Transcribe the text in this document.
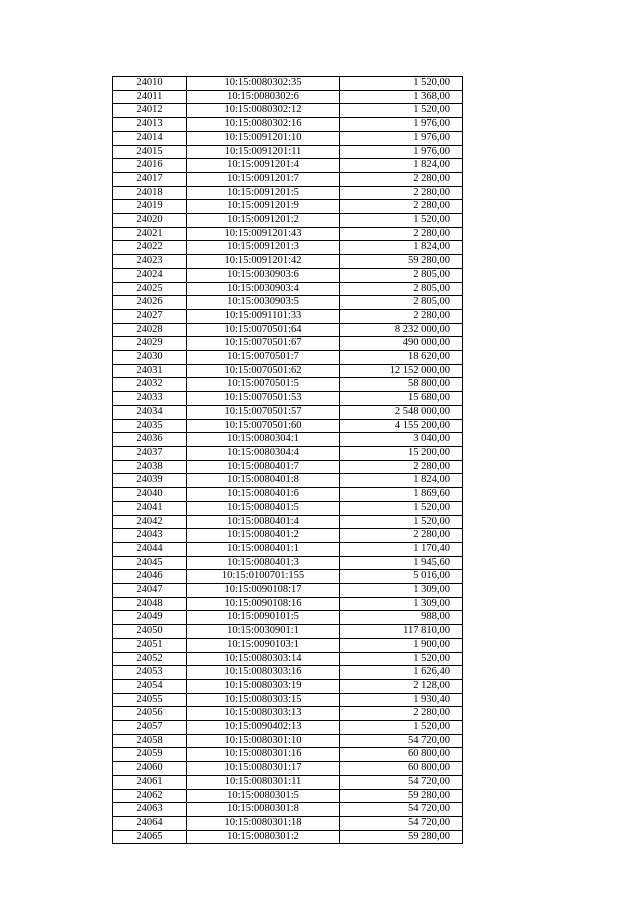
24010	10:15:0080302:35	1 520,00
24011	10:15:0080302:6	1 368,00
24012	10:15:0080302:12	1 520,00
24013	10:15:0080302:16	1 976,00
24014	10:15:0091201:10	1 976,00
24015	10:15:0091201:11	1 976,00
24016	10:15:0091201:4	1 824,00
24017	10:15:0091201:7	2 280,00
24018	10:15:0091201:5	2 280,00
24019	10:15:0091201:9	2 280,00
24020	10:15:0091201:2	1 520,00
24021	10:15:0091201:43	2 280,00
24022	10:15:0091201:3	1 824,00
24023	10:15:0091201:42	59 280,00
24024	10:15:0030903:6	2 805,00
24025	10:15:0030903:4	2 805,00
24026	10:15:0030903:5	2 805,00
24027	10:15:0091101:33	2 280,00
24028	10:15:0070501:64	8 232 000,00
24029	10:15:0070501:67	490 000,00
24030	10:15:0070501:7	18 620,00
24031	10:15:0070501:62	12 152 000,00
24032	10:15:0070501:5	58 800,00
24033	10:15:0070501:53	15 680,00
24034	10:15:0070501:57	2 548 000,00
24035	10:15:0070501:60	4 155 200,00
24036	10:15:0080304:1	3 040,00
24037	10:15:0080304:4	15 200,00
24038	10:15:0080401:7	2 280,00
24039	10:15:0080401:8	1 824,00
24040	10:15:0080401:6	1 869,60
24041	10:15:0080401:5	1 520,00
24042	10:15:0080401:4	1 520,00
24043	10:15:0080401:2	2 280,00
24044	10:15:0080401:1	1 170,40
24045	10:15:0080401:3	1 945,60
24046	10:15:0100701:155	5 016,00
24047	10:15:0090108:17	1 309,00
24048	10:15:0090108:16	1 309,00
24049	10:15:0090101:5	988,00
24050	10:15:0030901:1	117 810,00
24051	10:15:0090103:1	1 900,00
24052	10:15:0080303:14	1 520,00
24053	10:15:0080303:16	1 626,40
24054	10:15:0080303:19	2 128,00
24055	10:15:0080303:15	1 930,40
24056	10:15:0080303:13	2 280,00
24057	10:15:0090402:13	1 520,00
24058	10:15:0080301:10	54 720,00
24059	10:15:0080301:16	60 800,00
24060	10:15:0080301:17	60 800,00
24061	10:15:0080301:11	54 720,00
24062	10:15:0080301:5	59 280,00
24063	10:15:0080301:8	54 720,00
24064	10:15:0080301:18	54 720,00
24065	10:15:0080301:2	59 280,00
